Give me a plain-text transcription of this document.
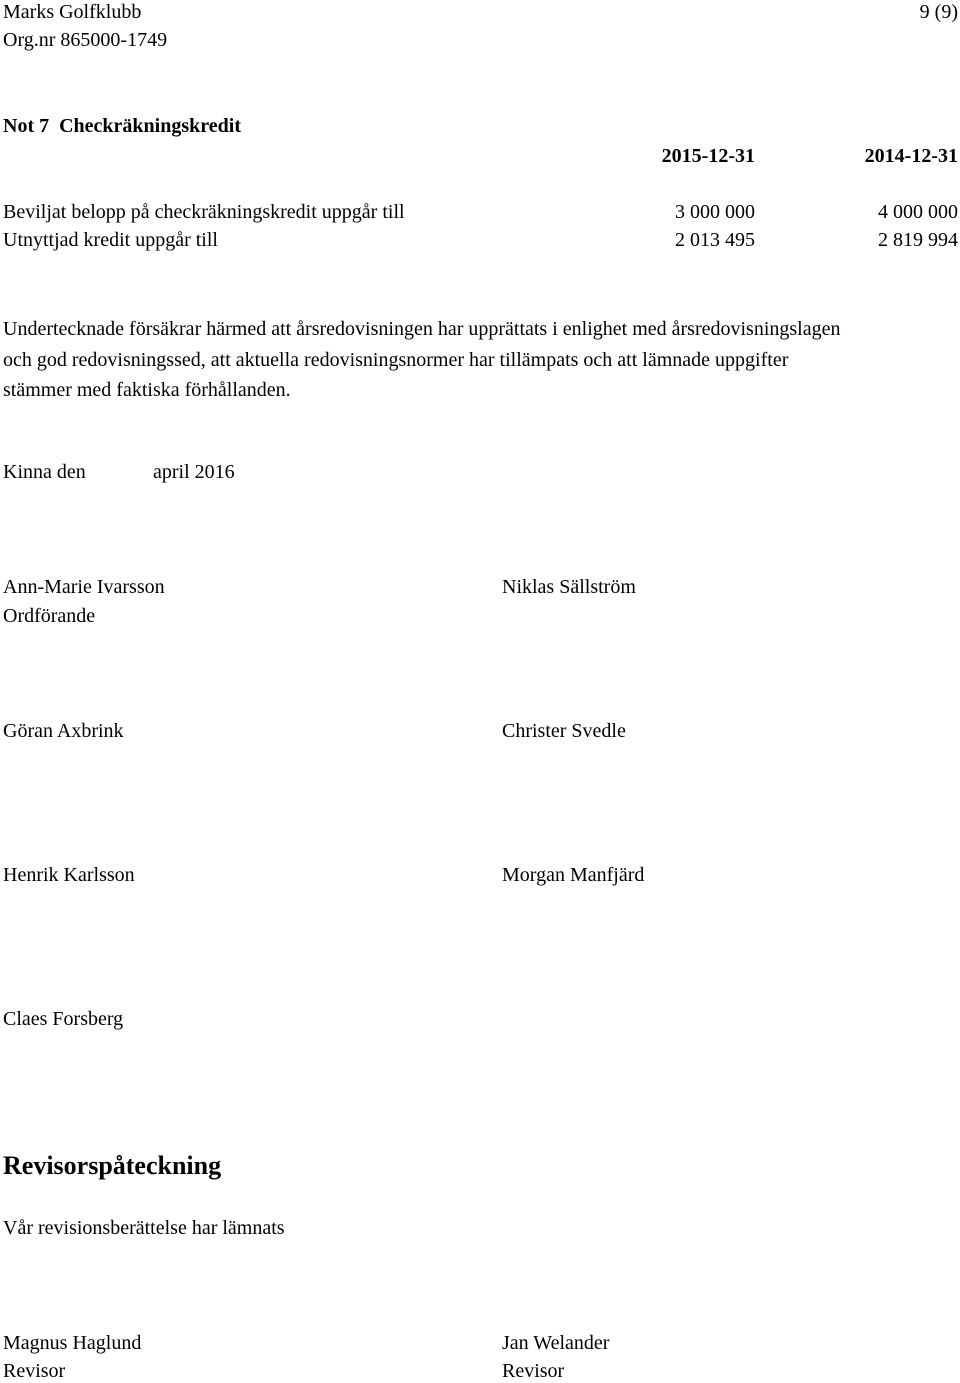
Marks Golfklubb	9 (9)
Org.nr 865000-1749
Not 7  Checkräkningskredit
2015-12-31	2014-12-31
Beviljat belopp på checkräkningskredit uppgår till	3 000 000	4 000 000
Utnyttjad kredit uppgår till	2 013 495	2 819 994
Undertecknade försäkrar härmed att årsredovisningen har upprättats i enlighet med årsredovisningslagen
och god redovisningssed, att aktuella redovisningsnormer har tillämpats och att lämnade uppgifter
stämmer med faktiska förhållanden.
Kinna den	april 2016
Ann-Marie Ivarsson
Ordförande
Niklas Sällström
Göran Axbrink	Christer Svedle
Henrik Karlsson	Morgan Manfjärd
Claes Forsberg
Revisorspåteckning
Vår revisionsberättelse har lämnats
Magnus Haglund
Revisor
Jan Welander
Revisor
